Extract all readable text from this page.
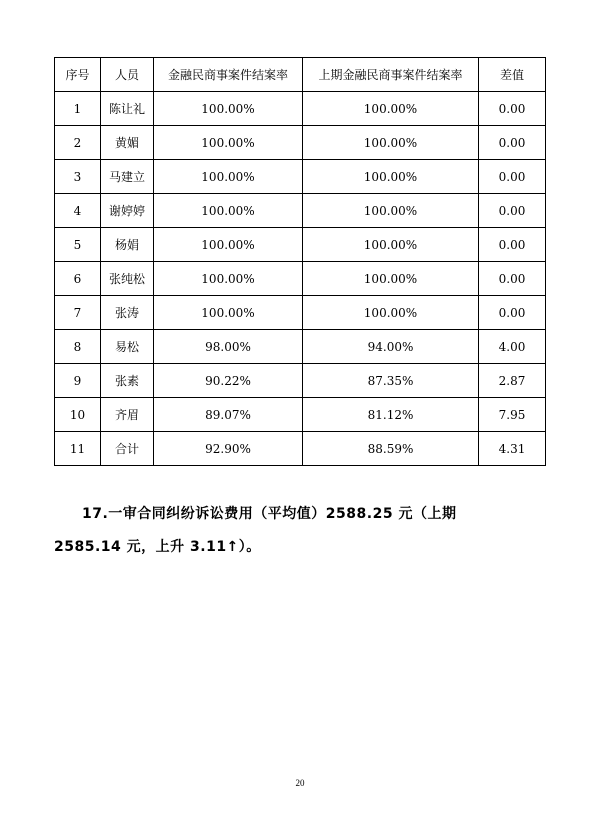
序号	人员	金融民商事案件结案率	上期金融民商事案件结案率	差值
1	陈让礼	100.00%	100.00%	0.00
2	黄媚	100.00%	100.00%	0.00
3	马建立	100.00%	100.00%	0.00
4	谢婷婷	100.00%	100.00%	0.00
5	杨娟	100.00%	100.00%	0.00
6	张纯松	100.00%	100.00%	0.00
7	张涛	100.00%	100.00%	0.00
8	易松	98.00%	94.00%	4.00
9	张素	90.22%	87.35%	2.87
10	齐眉	89.07%	81.12%	7.95
11	合计	92.90%	88.59%	4.31
17.一审合同纠纷诉讼费用（平均值）2588.25 元（上期
2585.14 元，上升 3.11↑）。
20
